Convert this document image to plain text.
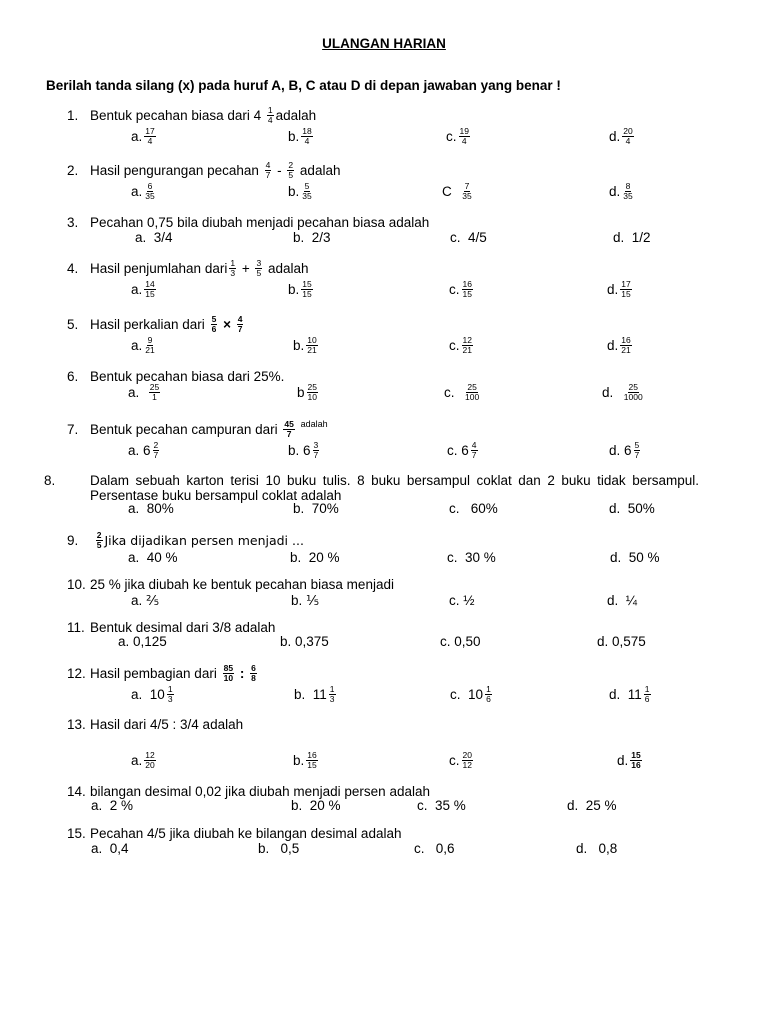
ULANGAN HARIAN
Berilah tanda silang (x) pada huruf A, B, C atau D di depan jawaban yang benar !
1. Bentuk pecahan biasa dari $4 \frac{1}{4}$ adalah
a. $\frac{17}{4}$	b. $\frac{18}{4}$	c. $\frac{19}{4}$	d. $\frac{20}{4}$
2. Hasil pengurangan pecahan $\frac{4}{7} - \frac{2}{5}$ adalah
a. $\frac{6}{35}$	b. $\frac{5}{35}$	C $\frac{7}{35}$	d. $\frac{8}{35}$
3. Pecahan 0,75 bila diubah menjadi pecahan biasa adalah
a. 3/4	b. 2/3	c. 4/5	d. 1/2
4. Hasil penjumlahan dari $\frac{1}{3} + \frac{3}{5}$ adalah
a. $\frac{14}{15}$	b. $\frac{15}{15}$	c. $\frac{16}{15}$	d. $\frac{17}{15}$
5. Hasil perkalian dari $\frac{5}{6} \times \frac{4}{7}$
a. $\frac{9}{21}$	b. $\frac{10}{21}$	c. $\frac{12}{21}$	d. $\frac{16}{21}$
6. Bentuk pecahan biasa dari 25%.
a. $\frac{25}{1}$	b $\frac{25}{10}$	c. $\frac{25}{100}$	d. $\frac{25}{1000}$
7. Bentuk pecahan campuran dari $\frac{45}{7} ^{adalah}$
a. $6 \frac{2}{7}$	b. $6 \frac{3}{7}$	c. $6 \frac{4}{7}$	d. $6 \frac{5}{7}$
8.	Dalam sebuah karton terisi 10 buku tulis. 8 buku bersampul coklat dan 2 buku tidak bersampul. Persentase buku bersampul coklat adalah
a. 80%	b. 70%	c. 60%	d. 50%
9. $\frac{2}{5}$ Jika dijadikan persen menjadi ...
a. 40 %	b. 20 %	c. 30 %	d. 50 %
10. 25 % jika diubah ke bentuk pecahan biasa menjadi
a. ⅖	b. ⅕	c. ½	d. ¼
11. Bentuk desimal dari 3/8 adalah
a. 0,125	b. 0,375	c. 0,50	d. 0,575
12. Hasil pembagian dari $\frac{85}{10}$ : $\frac{6}{8}$
a. $10 \frac{1}{3}$	b. $11 \frac{1}{3}$	c. $10 \frac{1}{6}$	d. $11 \frac{1}{6}$
13. Hasil dari 4/5 : 3/4 adalah
a. $\frac{12}{20}$	b. $\frac{16}{15}$	c. $\frac{20}{12}$	d. $\frac{15}{16}$
14. bilangan desimal 0,02 jika diubah menjadi persen adalah
a. 2 %	b. 20 %	c. 35 %	d. 25 %
15. Pecahan 4/5 jika diubah ke bilangan desimal adalah
a. 0,4	b. 0,5	c. 0,6	d. 0,8
